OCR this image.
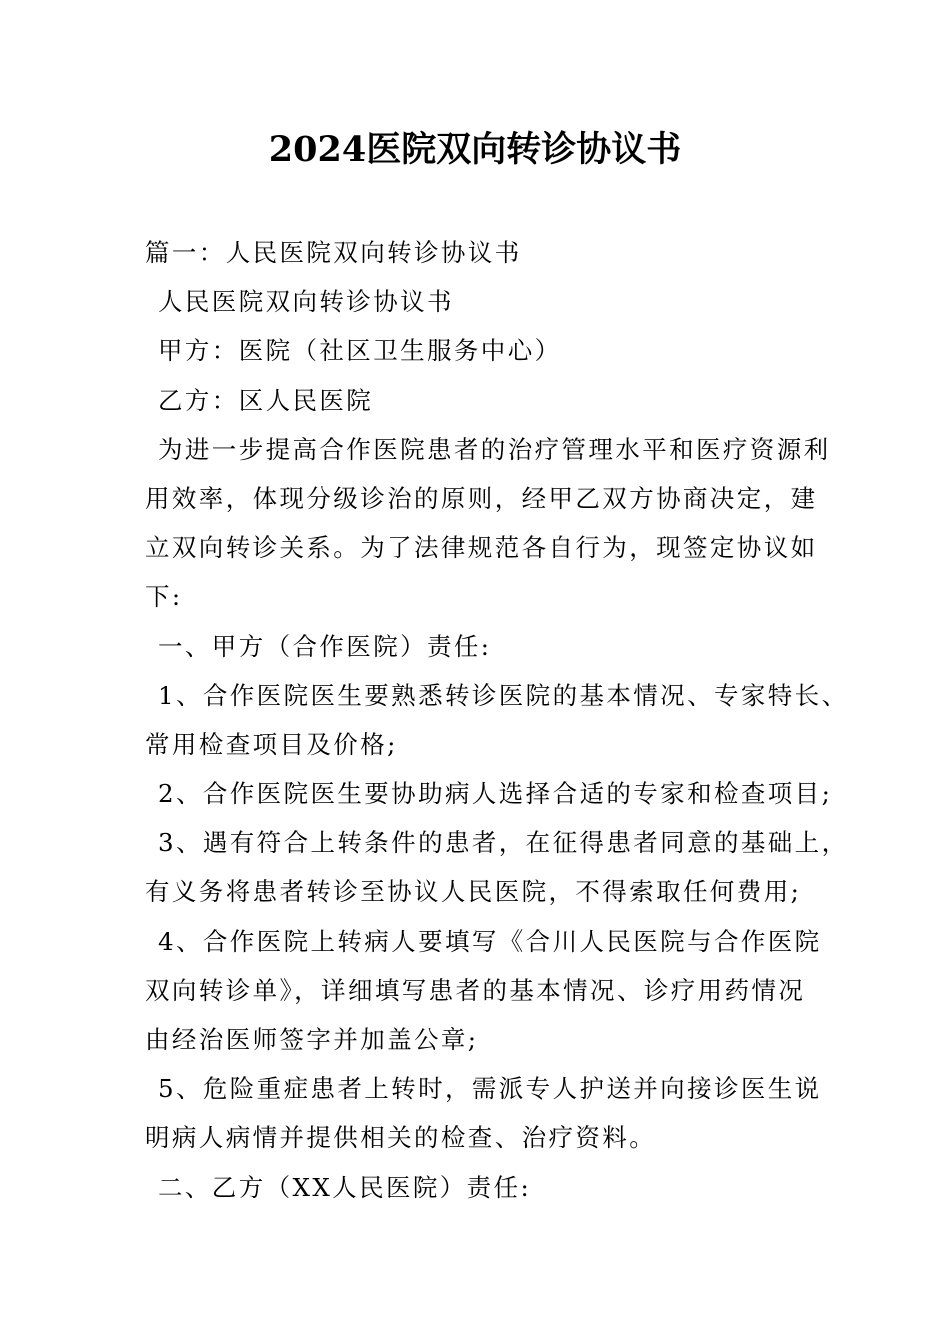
2024医院双向转诊协议书
篇一：人民医院双向转诊协议书
人民医院双向转诊协议书
甲方：医院（社区卫生服务中心）
乙方：区人民医院
为进一步提高合作医院患者的治疗管理水平和医疗资源利
用效率，体现分级诊治的原则，经甲乙双方协商决定，建
立双向转诊关系。为了法律规范各自行为，现签定协议如
下:
一、甲方（合作医院）责任:
1、合作医院医生要熟悉转诊医院的基本情况、专家特长、
常用检查项目及价格;
2、合作医院医生要协助病人选择合适的专家和检查项目;
3、遇有符合上转条件的患者，在征得患者同意的基础上，
有义务将患者转诊至协议人民医院，不得索取任何费用;
4、合作医院上转病人要填写《合川人民医院与合作医院
双向转诊单》，详细填写患者的基本情况、诊疗用药情况
由经治医师签字并加盖公章;
5、危险重症患者上转时，需派专人护送并向接诊医生说
明病人病情并提供相关的检查、治疗资料。
二、乙方（XX人民医院）责任:
